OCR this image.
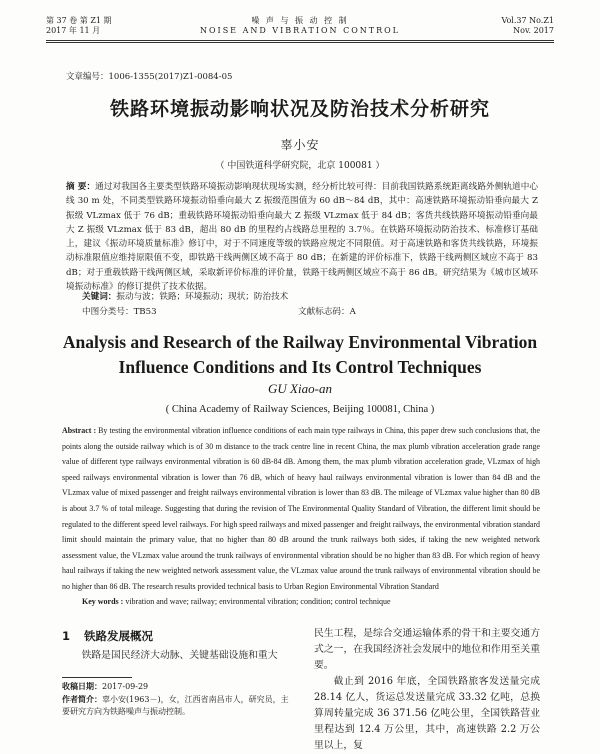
第 37 卷 第 Z1 期
2017 年 11 月
噪 声 与 振 动 控 制
NOISE AND VIBRATION CONTROL
Vol.37 No.Z1
Nov. 2017
文章编号：1006-1355(2017)Z1-0084-05
铁路环境振动影响状况及防治技术分析研究
辜小安
（ 中国铁道科学研究院，北京 100081 ）
摘 要：通过对我国各主要类型铁路环境振动影响现状现场实测，经分析比较可得：目前我国铁路系统距离线路外侧轨道中心线 30 m 处，不同类型铁路环境振动铅垂向最大 Z 振级范围值为 60 dB～84 dB，其中：高速铁路环境振动铅垂向最大 Z 振级 VLzmax 低于 76 dB；重载铁路环境振动铅垂向最大 Z 振级 VLzmax 低于 84 dB；客货共线铁路环境振动铅垂向最大 Z 振级 VLzmax 低于 83 dB，超出 80 dB 的里程约占线路总里程的 3.7％。在铁路环境振动防治技术、标准修订基础上，建议《振动环境质量标准》修订中，对于不同速度等级的铁路应规定不同限值。对于高速铁路和客货共线铁路，环境振动标准限值应维持原限值不变，即铁路干线两侧区域不高于 80 dB；在新建的评价标准下，铁路干线两侧区域应不高于 83 dB；对于重载铁路干线两侧区域，采取新评价标准的评价量，铁路干线两侧区域应不高于 86 dB。研究结果为《城市区域环境振动标准》的修订提供了技术依据。
关键词：振动与波；铁路；环境振动；现状；防治技术
中图分类号：TB53	文献标志码：A
Analysis and Research of the Railway Environmental Vibration
Influence Conditions and Its Control Techniques
GU Xiao-an
( China Academy of Railway Sciences, Beijing 100081, China )
Abstract : By testing the environmental vibration influence conditions of each main type railways in China, this paper drew such conclusions that, the points along the outside railway which is of 30 m distance to the track centre line in recent China, the max plumb vibration acceleration grade range value of different type railways environmental vibration is 60 dB-84 dB. Among them, the max plumb vibration acceleration grade, VLzmax of high speed railways environmental vibration is lower than 76 dB, which of heavy haul railways environmental vibration is lower than 84 dB and the VLzmax value of mixed passenger and freight railways environmental vibration is lower than 83 dB. The mileage of VLzmax value higher than 80 dB is about 3.7 % of total mileage. Suggesting that during the revision of The Environmental Quality Standard of Vibration, the different limit should be regulated to the different speed level railways. For high speed railways and mixed passenger and freight railways, the environmental vibration standard limit should maintain the primary value, that no higher than 80 dB around the trunk railways both sides, if taking the new weighted network assessment value, the VLzmax value around the trunk railways of environmental vibration should be no higher than 83 dB. For which region of heavy haul railways if taking the new weighted network assessment value, the VLzmax value around the trunk railways of environmental vibration should be no higher than 86 dB. The research results provided technical basis to Urban Region Environmental Vibration Standard
Key words : vibration and wave; railway; environmental vibration; condition; control technique
1 铁路发展概况
铁路是国民经济大动脉、关键基础设施和重大
收稿日期：2017-09-29
作者简介：辜小安(1963－)，女，江西省南昌市人，研究员，主要研究方向为铁路噪声与振动控制。

民生工程，是综合交通运输体系的骨干和主要交通方式之一，在我国经济社会发展中的地位和作用至关重要。

截止到 2016 年底，全国铁路旅客发送量完成 28.14 亿人，货运总发送量完成 33.32 亿吨，总换算周转量完成 36 371.56 亿吨公里，全国铁路营业里程达到 12.4 万公里，其中，高速铁路 2.2 万公里以上，复
